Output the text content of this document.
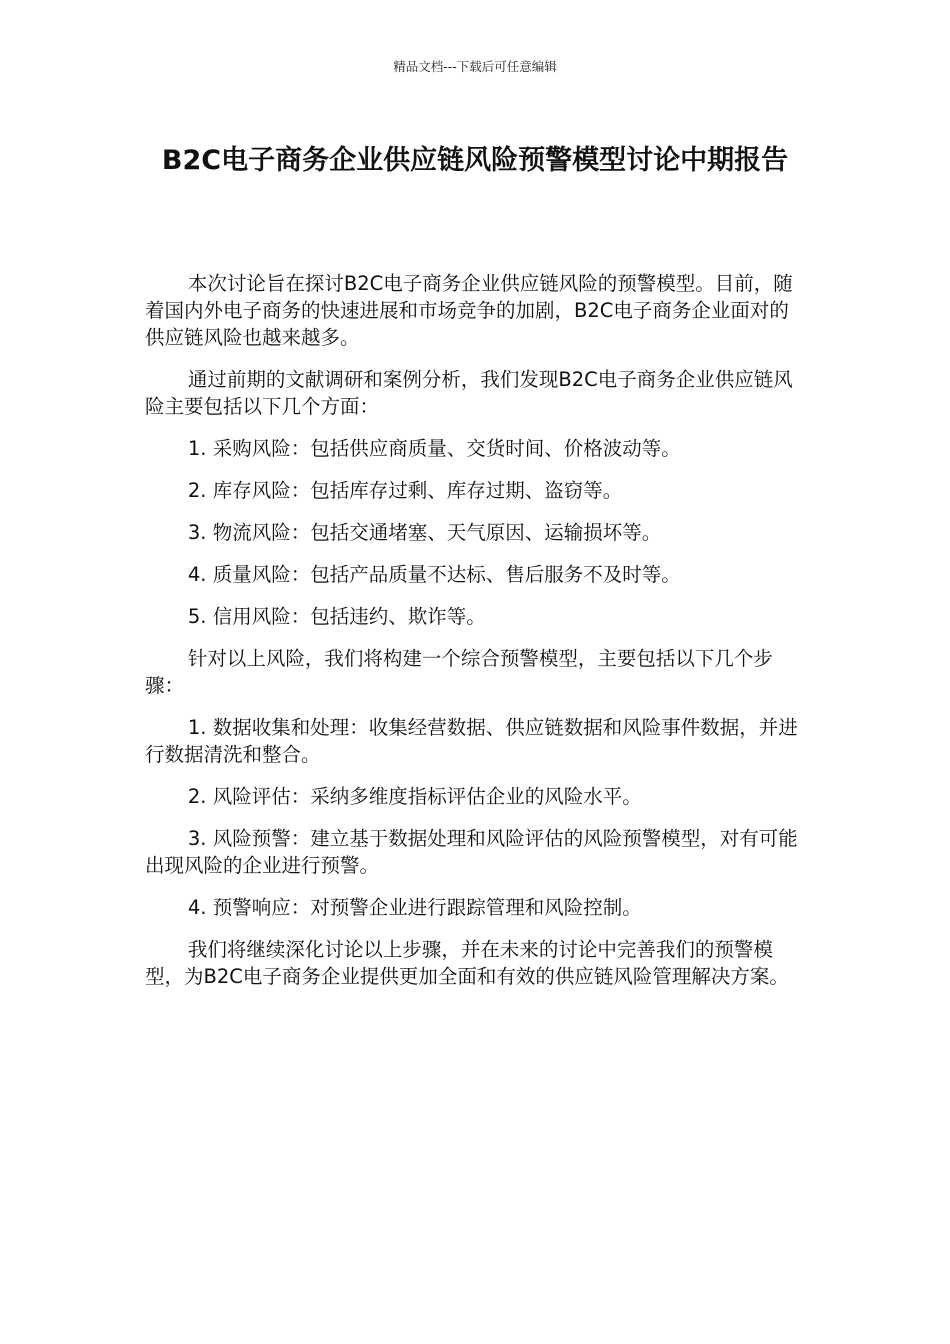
精品文档---下载后可任意编辑
B2C电子商务企业供应链风险预警模型讨论中期报告

本次讨论旨在探讨B2C电子商务企业供应链风险的预警模型。目前，随着国内外电子商务的快速进展和市场竞争的加剧，B2C电子商务企业面对的供应链风险也越来越多。

通过前期的文献调研和案例分析，我们发现B2C电子商务企业供应链风险主要包括以下几个方面：

1. 采购风险：包括供应商质量、交货时间、价格波动等。

2. 库存风险：包括库存过剩、库存过期、盗窃等。

3. 物流风险：包括交通堵塞、天气原因、运输损坏等。

4. 质量风险：包括产品质量不达标、售后服务不及时等。

5. 信用风险：包括违约、欺诈等。

针对以上风险，我们将构建一个综合预警模型，主要包括以下几个步骤：

1. 数据收集和处理：收集经营数据、供应链数据和风险事件数据，并进行数据清洗和整合。

2. 风险评估：采纳多维度指标评估企业的风险水平。

3. 风险预警：建立基于数据处理和风险评估的风险预警模型，对有可能出现风险的企业进行预警。

4. 预警响应：对预警企业进行跟踪管理和风险控制。

我们将继续深化讨论以上步骤，并在未来的讨论中完善我们的预警模型，为B2C电子商务企业提供更加全面和有效的供应链风险管理解决方案。
